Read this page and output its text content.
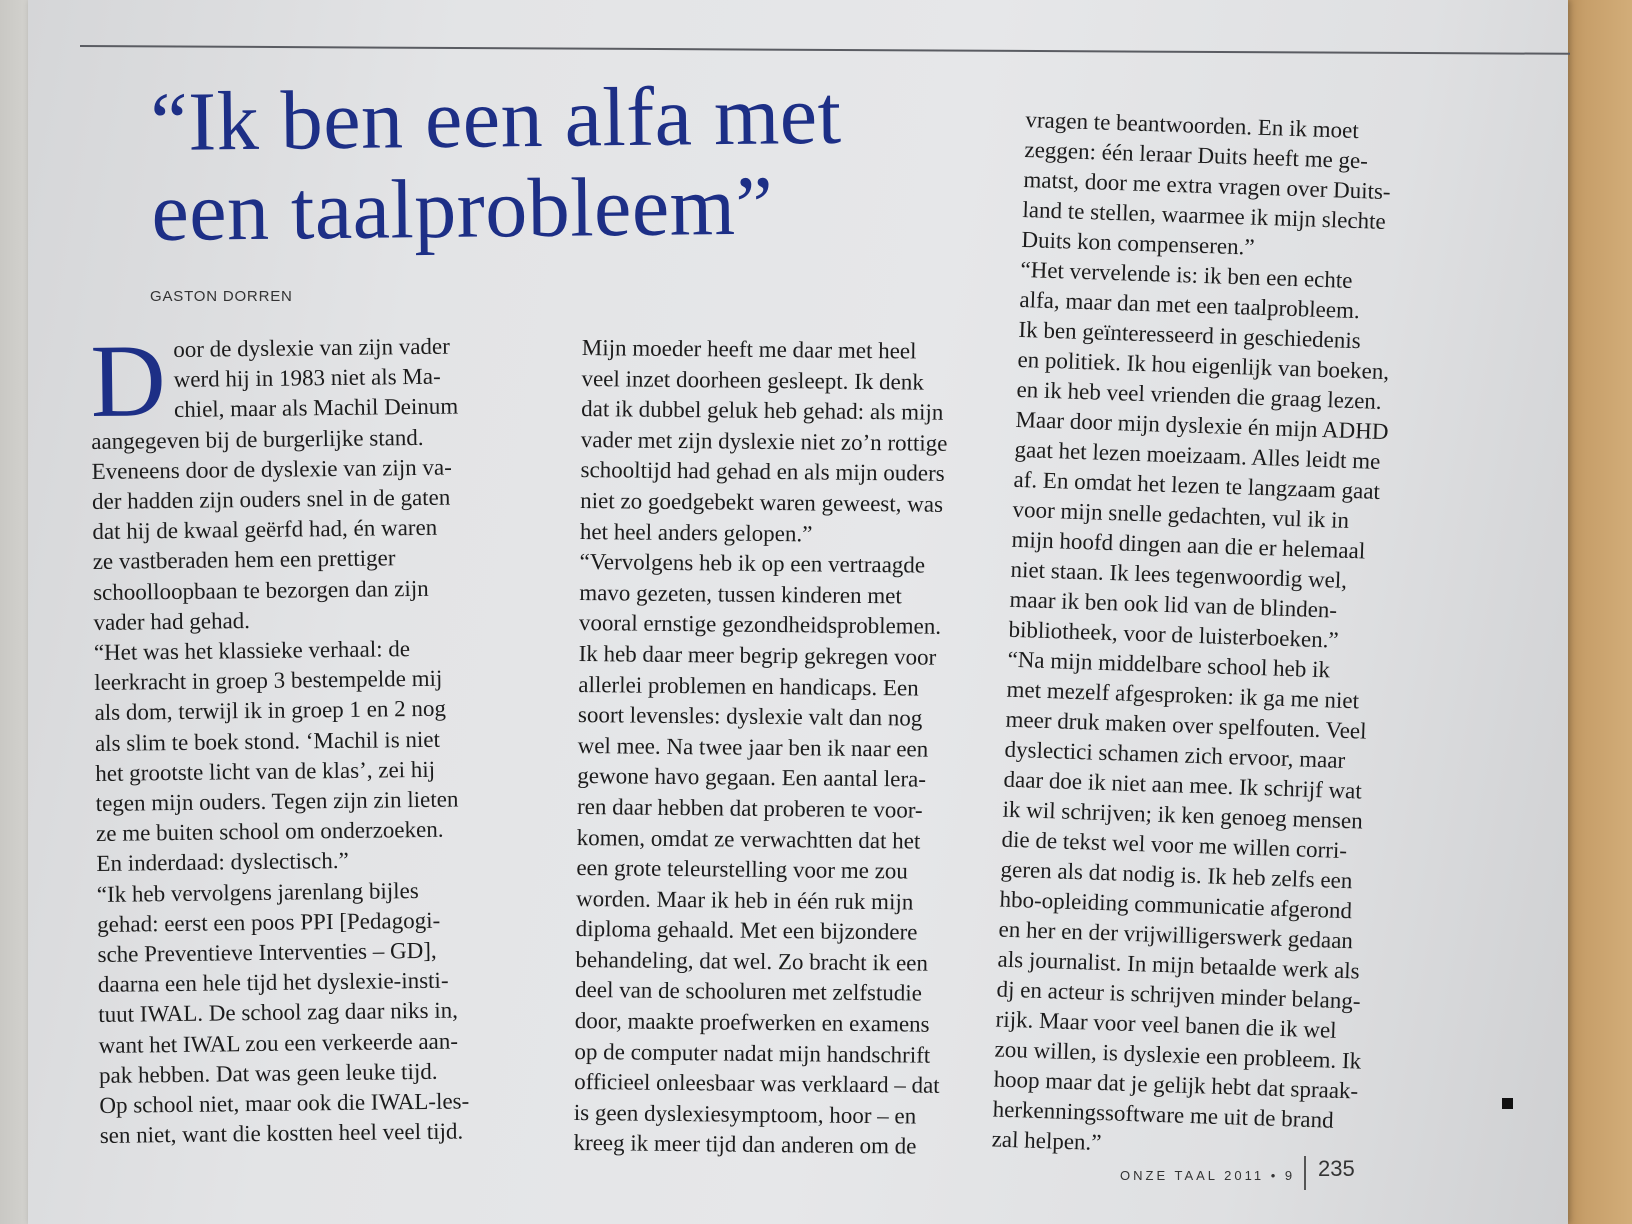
“Ik ben een alfa met
een taalprobleem”
GASTON DORREN
D oor de dyslexie van zijn vader
werd hij in 1983 niet als Ma-
chiel, maar als Machil Deinum
aangegeven bij de burgerlijke stand.
Eveneens door de dyslexie van zijn va-
der hadden zijn ouders snel in de gaten
dat hij de kwaal geërfd had, én waren
ze vastberaden hem een prettiger
schoolloopbaan te bezorgen dan zijn
vader had gehad.
“Het was het klassieke verhaal: de
leerkracht in groep 3 bestempelde mij
als dom, terwijl ik in groep 1 en 2 nog
als slim te boek stond. ‘Machil is niet
het grootste licht van de klas’, zei hij
tegen mijn ouders. Tegen zijn zin lieten
ze me buiten school om onderzoeken.
En inderdaad: dyslectisch.”
“Ik heb vervolgens jarenlang bijles
gehad: eerst een poos PPI [Pedagogi-
sche Preventieve Interventies – GD],
daarna een hele tijd het dyslexie-insti-
tuut IWAL. De school zag daar niks in,
want het IWAL zou een verkeerde aan-
pak hebben. Dat was geen leuke tijd.
Op school niet, maar ook die IWAL-les-
sen niet, want die kostten heel veel tijd.
Mijn moeder heeft me daar met heel
veel inzet doorheen gesleept. Ik denk
dat ik dubbel geluk heb gehad: als mijn
vader met zijn dyslexie niet zo’n rottige
schooltijd had gehad en als mijn ouders
niet zo goedgebekt waren geweest, was
het heel anders gelopen.”
“Vervolgens heb ik op een vertraagde
mavo gezeten, tussen kinderen met
vooral ernstige gezondheidsproblemen.
Ik heb daar meer begrip gekregen voor
allerlei problemen en handicaps. Een
soort levensles: dyslexie valt dan nog
wel mee. Na twee jaar ben ik naar een
gewone havo gegaan. Een aantal lera-
ren daar hebben dat proberen te voor-
komen, omdat ze verwachtten dat het
een grote teleurstelling voor me zou
worden. Maar ik heb in één ruk mijn
diploma gehaald. Met een bijzondere
behandeling, dat wel. Zo bracht ik een
deel van de schooluren met zelfstudie
door, maakte proefwerken en examens
op de computer nadat mijn handschrift
officieel onleesbaar was verklaard – dat
is geen dyslexiesymptoom, hoor – en
kreeg ik meer tijd dan anderen om de
vragen te beantwoorden. En ik moet
zeggen: één leraar Duits heeft me ge-
matst, door me extra vragen over Duits-
land te stellen, waarmee ik mijn slechte
Duits kon compenseren.”
“Het vervelende is: ik ben een echte
alfa, maar dan met een taalprobleem.
Ik ben geïnteresseerd in geschiedenis
en politiek. Ik hou eigenlijk van boeken,
en ik heb veel vrienden die graag lezen.
Maar door mijn dyslexie én mijn ADHD
gaat het lezen moeizaam. Alles leidt me
af. En omdat het lezen te langzaam gaat
voor mijn snelle gedachten, vul ik in
mijn hoofd dingen aan die er helemaal
niet staan. Ik lees tegenwoordig wel,
maar ik ben ook lid van de blinden-
bibliotheek, voor de luisterboeken.”
“Na mijn middelbare school heb ik
met mezelf afgesproken: ik ga me niet
meer druk maken over spelfouten. Veel
dyslectici schamen zich ervoor, maar
daar doe ik niet aan mee. Ik schrijf wat
ik wil schrijven; ik ken genoeg mensen
die de tekst wel voor me willen corri-
geren als dat nodig is. Ik heb zelfs een
hbo-opleiding communicatie afgerond
en her en der vrijwilligerswerk gedaan
als journalist. In mijn betaalde werk als
dj en acteur is schrijven minder belang-
rijk. Maar voor veel banen die ik wel
zou willen, is dyslexie een probleem. Ik
hoop maar dat je gelijk hebt dat spraak-
herkenningssoftware me uit de brand
zal helpen.”
ONZE TAAL 2011 • 9 235
